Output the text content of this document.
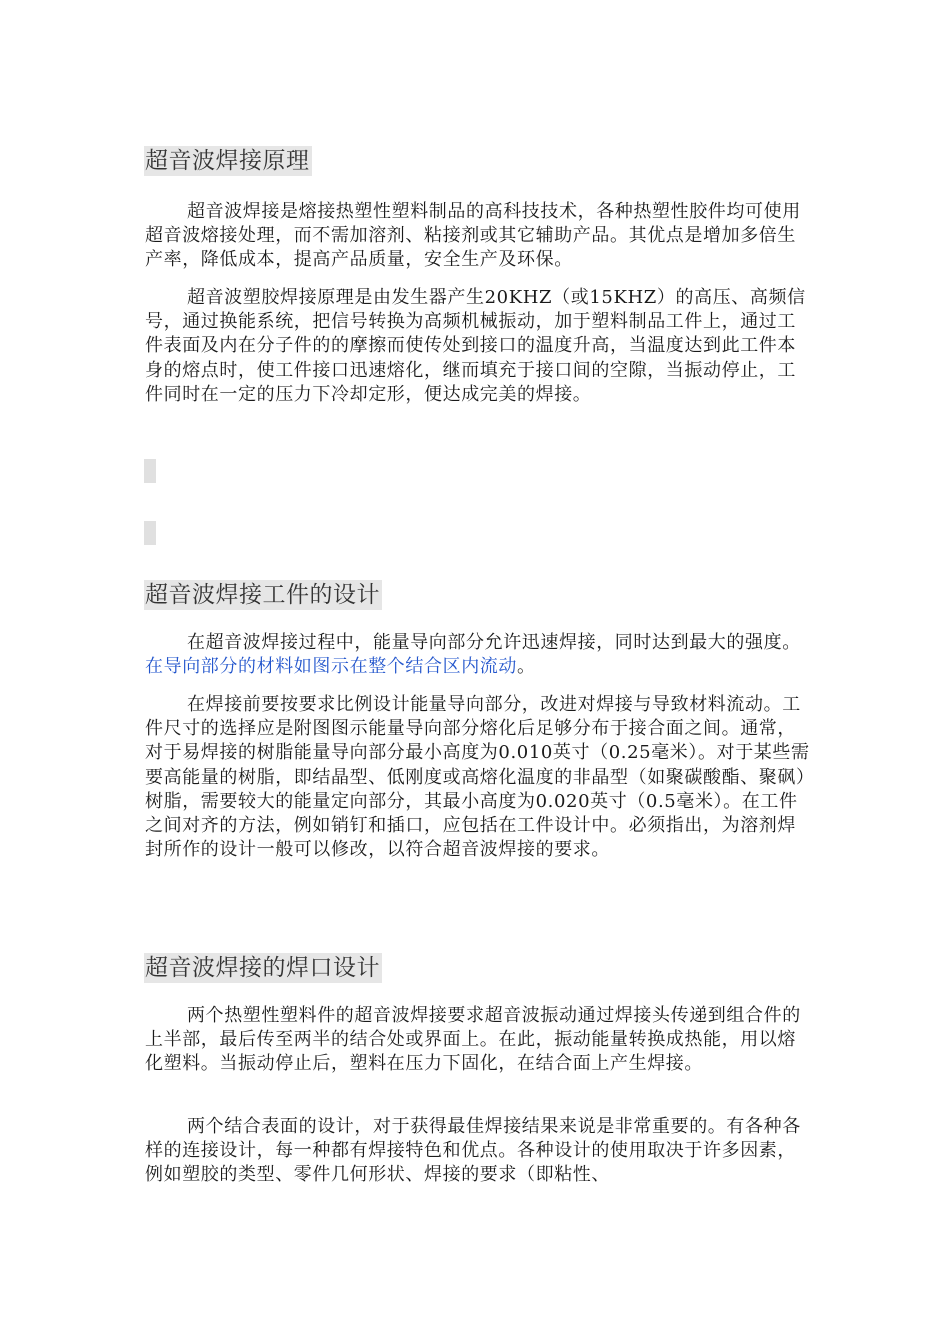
超音波焊接原理

超音波焊接是熔接热塑性塑料制品的高科技技术，各种热塑性胶件均可使用超音波熔接处理，而不需加溶剂、粘接剂或其它辅助产品。其优点是增加多倍生产率，降低成本，提高产品质量，安全生产及环保。

超音波塑胶焊接原理是由发生器产生20KHZ（或15KHZ）的高压、高频信号，通过换能系统，把信号转换为高频机械振动，加于塑料制品工件上，通过工件表面及内在分子件的的摩擦而使传处到接口的温度升高，当温度达到此工件本身的熔点时，使工件接口迅速熔化，继而填充于接口间的空隙，当振动停止，工件同时在一定的压力下冷却定形，便达成完美的焊接。

超音波焊接工件的设计

在超音波焊接过程中，能量导向部分允许迅速焊接，同时达到最大的强度。在导向部分的材料如图示在整个结合区内流动。

在焊接前要按要求比例设计能量导向部分，改进对焊接与导致材料流动。工件尺寸的选择应是附图图示能量导向部分熔化后足够分布于接合面之间。通常，对于易焊接的树脂能量导向部分最小高度为0.010英寸（0.25毫米）。对于某些需要高能量的树脂，即结晶型、低刚度或高熔化温度的非晶型（如聚碳酸酯、聚砜）树脂，需要较大的能量定向部分，其最小高度为0.020英寸（0.5毫米）。在工件之间对齐的方法，例如销钉和插口，应包括在工件设计中。必须指出，为溶剂焊封所作的设计一般可以修改，以符合超音波焊接的要求。

超音波焊接的焊口设计

两个热塑性塑料件的超音波焊接要求超音波振动通过焊接头传递到组合件的上半部，最后传至两半的结合处或界面上。在此，振动能量转换成热能，用以熔化塑料。当振动停止后，塑料在压力下固化，在结合面上产生焊接。

两个结合表面的设计，对于获得最佳焊接结果来说是非常重要的。有各种各样的连接设计，每一种都有焊接特色和优点。各种设计的使用取决于许多因素，例如塑胶的类型、零件几何形状、焊接的要求（即粘性、
